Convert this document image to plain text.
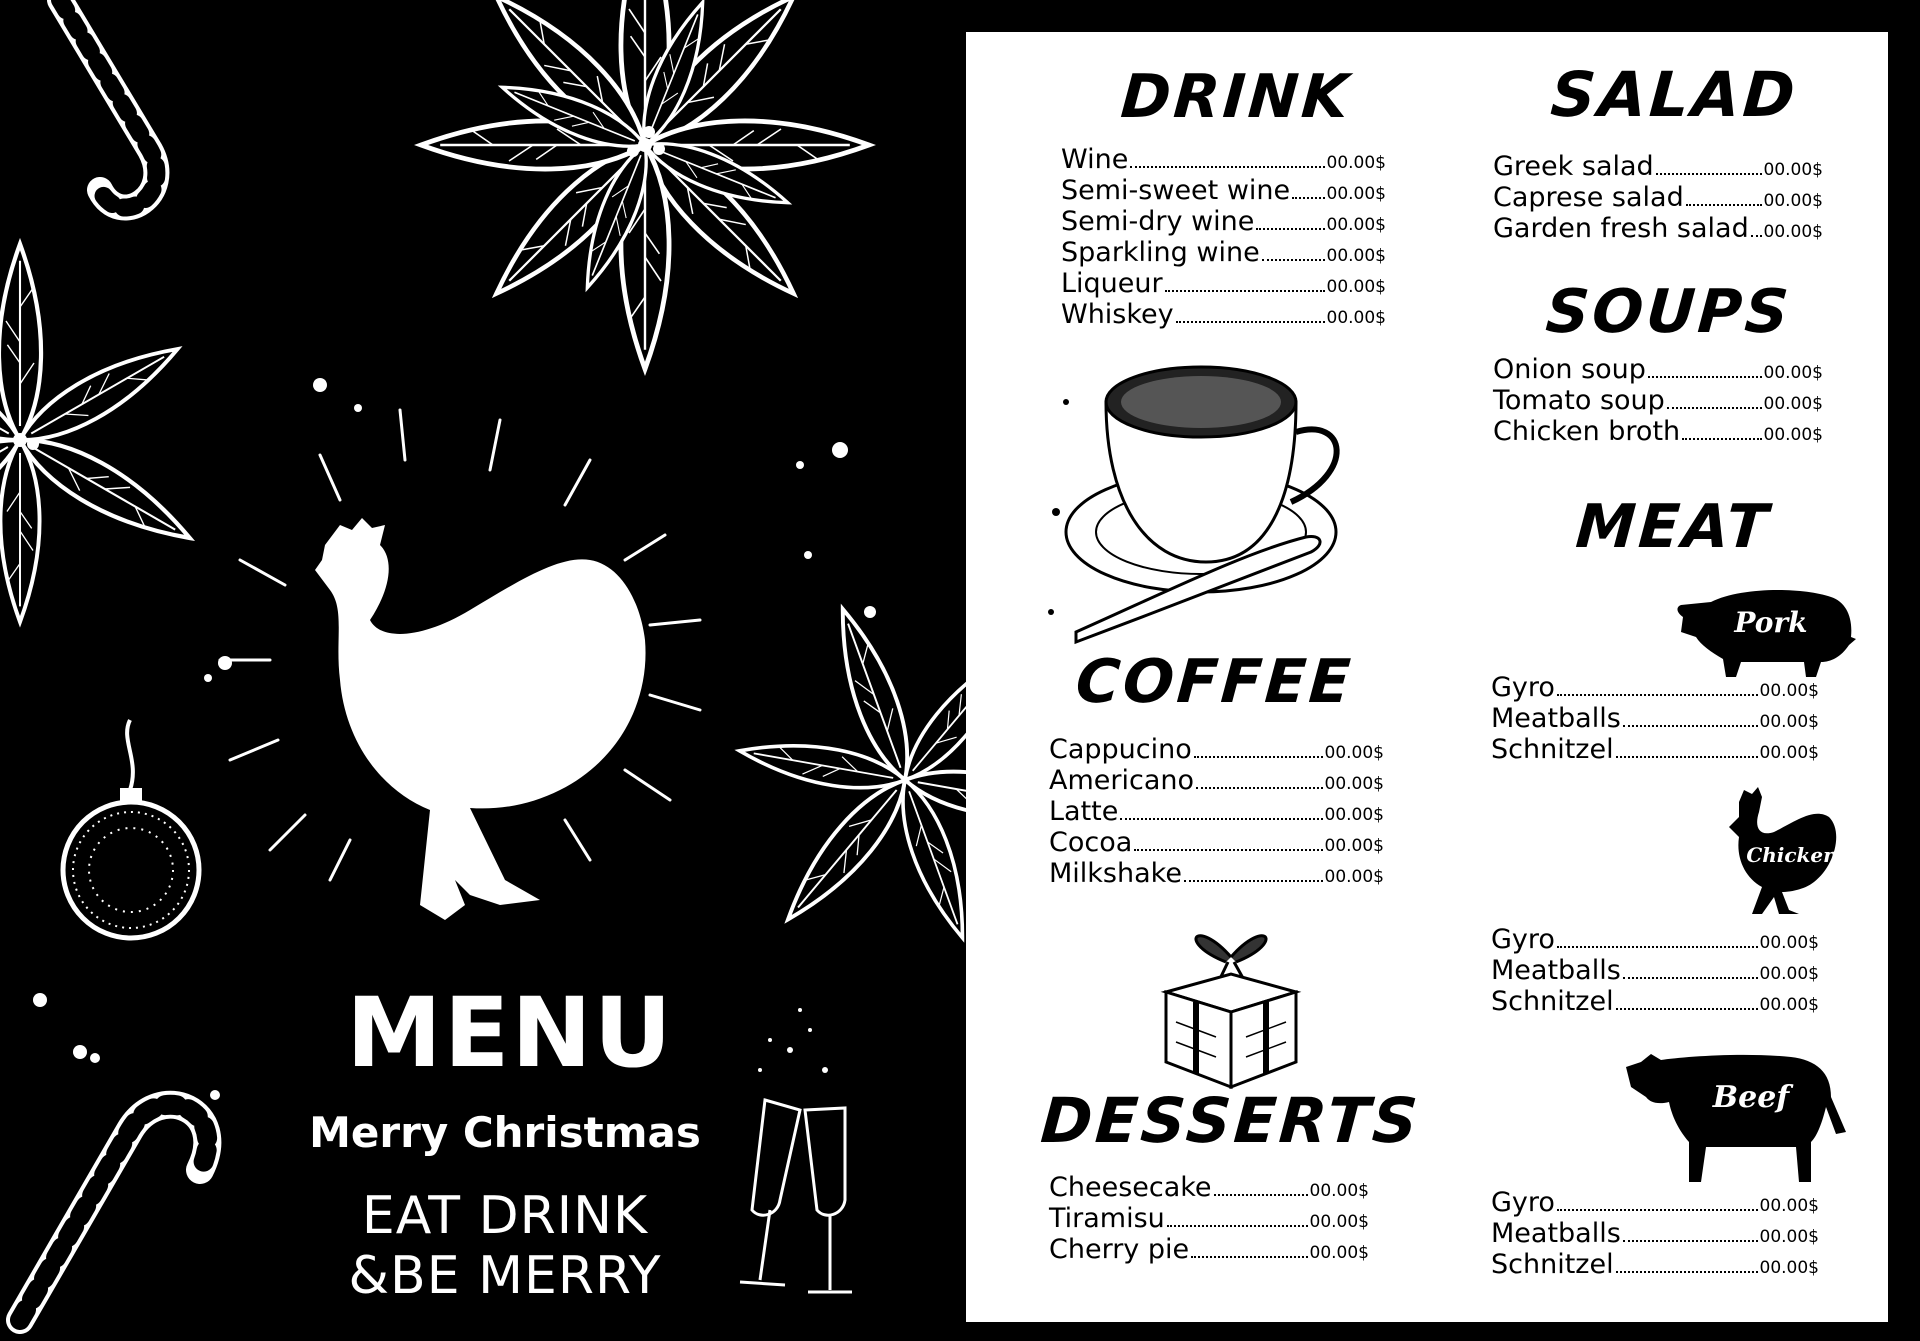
MENU
Merry Christmas
EAT DRINK
&BE MERRY
DRINK
Wine	00.00$
Semi-sweet wine 00.00$
Semi-dry wine	00.00$
Sparkling wine	00.00$
Liqueur	00.00$
Whiskey	00.00$
COFFEE
Cappucino	00.00$
Americano	00.00$
Latte	00.00$
Cocoa	00.00$
Milkshake	00.00$
DESSERTS
Cheesecake	00.00$
Tiramisu	00.00$
Cherry pie	00.00$
SALAD
Greek salad	00.00$
Caprese salad	00.00$
Garden fresh salad 00.00$
SOUPS
Onion soup	00.00$
Tomato soup	00.00$
Chicken broth	00.00$
MEAT
Pork
Gyro	00.00$
Meatballs	00.00$
Schnitzel	00.00$
Chicken
Gyro	00.00$
Meatballs	00.00$
Schnitzel	00.00$
Beef
Gyro	00.00$
Meatballs	00.00$
Schnitzel	00.00$
